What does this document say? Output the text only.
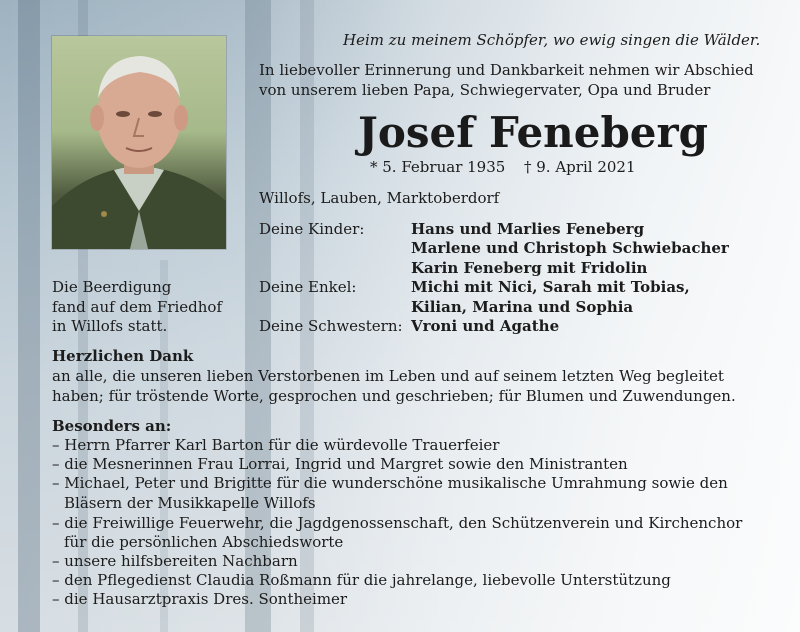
Heim zu meinem Schöpfer, wo ewig singen die Wälder.
In liebevoller Erinnerung und Dankbarkeit nehmen wir Abschied
von unserem lieben Papa, Schwiegervater, Opa und Bruder
Josef Feneberg
* 5. Februar 1935 † 9. April 2021
Willofs, Lauben, Marktoberdorf
Deine Kinder:	Hans und Marlies Feneberg
Marlene und Christoph Schwiebacher
Karin Feneberg mit Fridolin
Deine Enkel:	Michi mit Nici, Sarah mit Tobias,
Kilian, Marina und Sophia
Deine Schwestern: Vroni und Agathe
Die Beerdigung
fand auf dem Friedhof
in Willofs statt.
Herzlichen Dank
an alle, die unseren lieben Verstorbenen im Leben und auf seinem letzten Weg begleitet
haben; für tröstende Worte, gesprochen und geschrieben; für Blumen und Zuwendungen.
Besonders an:
– Herrn Pfarrer Karl Barton für die würdevolle Trauerfeier
– die Mesnerinnen Frau Lorrai, Ingrid und Margret sowie den Ministranten
– Michael, Peter und Brigitte für die wunderschöne musikalische Umrahmung sowie den
Bläsern der Musikkapelle Willofs
– die Freiwillige Feuerwehr, die Jagdgenossenschaft, den Schützenverein und Kirchenchor
für die persönlichen Abschiedsworte
– unsere hilfsbereiten Nachbarn
– den Pflegedienst Claudia Roßmann für die jahrelange, liebevolle Unterstützung
– die Hausarztpraxis Dres. Sontheimer
